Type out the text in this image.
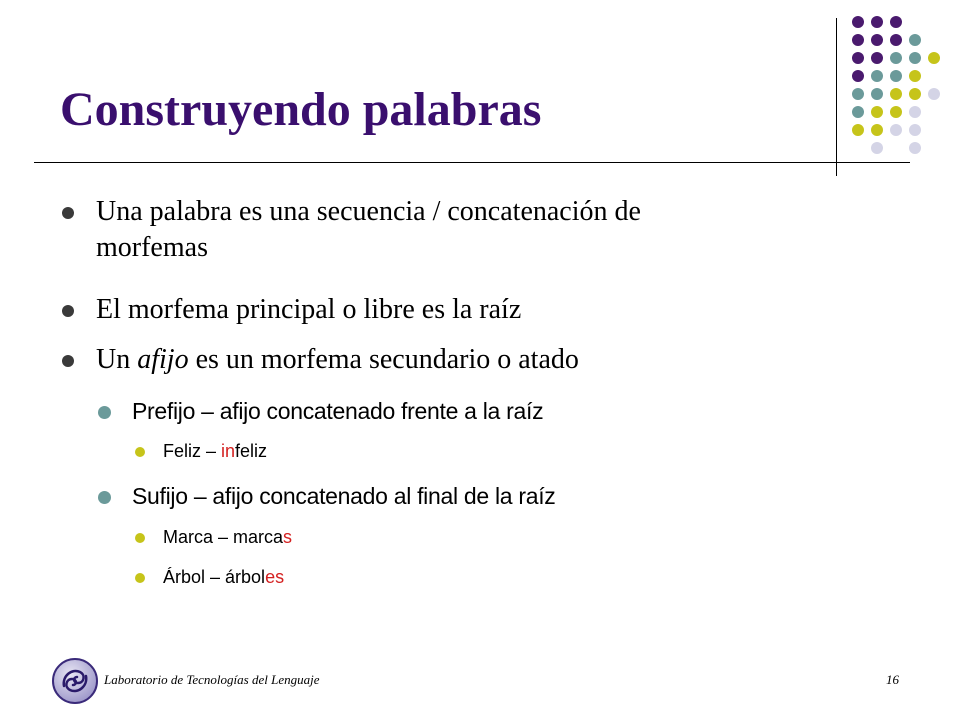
Construyendo palabras
Una palabra es una secuencia / concatenación de
morfemas
El morfema principal o libre es la raíz
Un afijo es un morfema secundario o atado
Prefijo – afijo concatenado frente a la raíz
Feliz – infeliz
Sufijo – afijo concatenado al final de la raíz
Marca – marcas
Árbol – árboles
Laboratorio de Tecnologías del Lenguaje	16
